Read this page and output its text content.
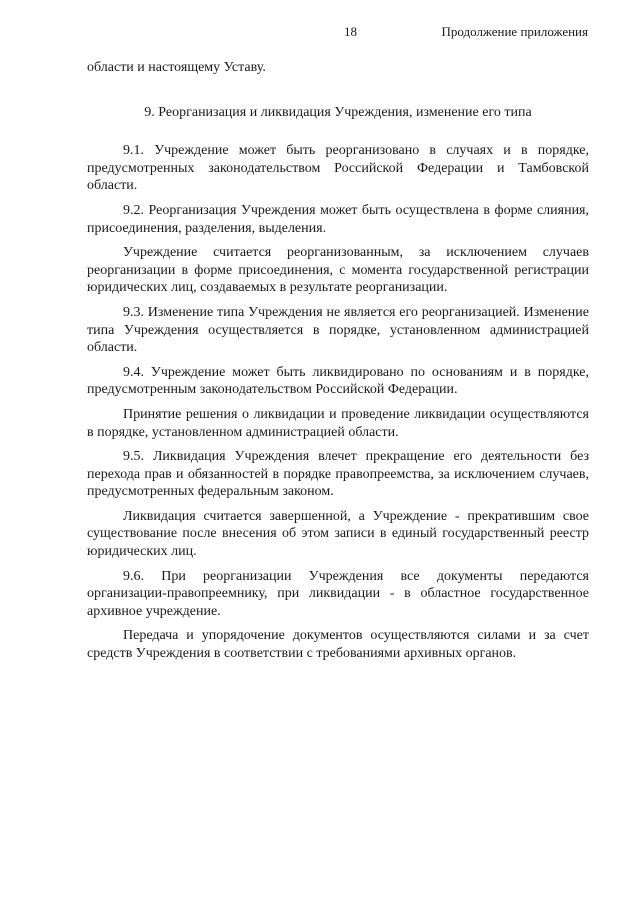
18	Продолжение приложения

области и настоящему Уставу.

9. Реорганизация и ликвидация Учреждения, изменение его типа

9.1. Учреждение может быть реорганизовано в случаях и в порядке, предусмотренных законодательством Российской Федерации и Тамбовской области.

9.2. Реорганизация Учреждения может быть осуществлена в форме слияния, присоединения, разделения, выделения.

Учреждение считается реорганизованным, за исключением случаев реорганизации в форме присоединения, с момента государственной регистрации юридических лиц, создаваемых в результате реорганизации.

9.3. Изменение типа Учреждения не является его реорганизацией. Изменение типа Учреждения осуществляется в порядке, установленном администрацией области.

9.4. Учреждение может быть ликвидировано по основаниям и в порядке, предусмотренным законодательством Российской Федерации.

Принятие решения о ликвидации и проведение ликвидации осуществляются в порядке, установленном администрацией области.

9.5. Ликвидация Учреждения влечет прекращение его деятельности без перехода прав и обязанностей в порядке правопреемства, за исключением случаев, предусмотренных федеральным законом.

Ликвидация считается завершенной, а Учреждение - прекратившим свое существование после внесения об этом записи в единый государственный реестр юридических лиц.

9.6. При реорганизации Учреждения все документы передаются организации-правопреемнику, при ликвидации - в областное государственное архивное учреждение.

Передача и упорядочение документов осуществляются силами и за счет средств Учреждения в соответствии с требованиями архивных органов.
